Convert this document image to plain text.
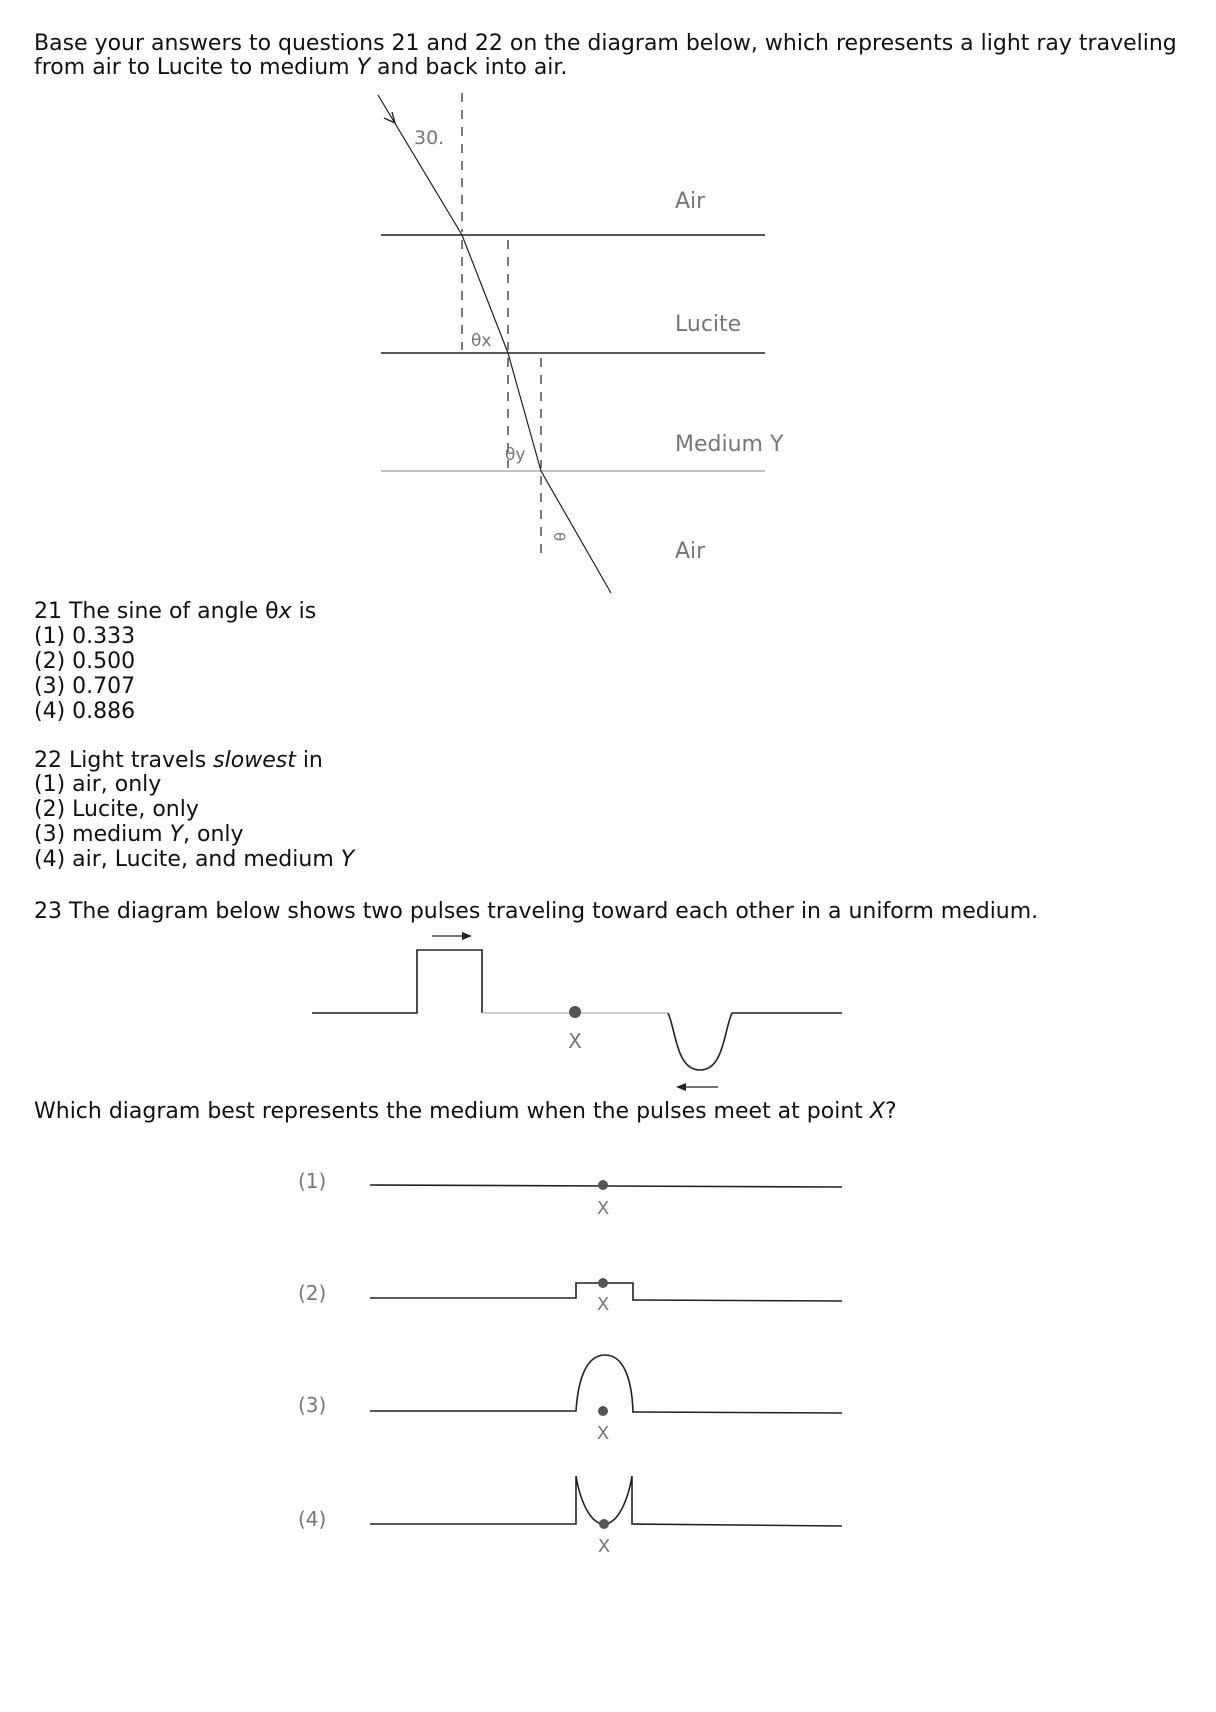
Base your answers to questions 21 and 22 on the diagram below, which represents a light ray traveling

from air to Lucite to medium Y and back into air.

30.
θx
θy
θ
Air
Lucite
Medium Y
Air

21 The sine of angle θx is

(1) 0.333

(2) 0.500

(3) 0.707

(4) 0.886

22 Light travels slowest in

(1) air, only

(2) Lucite, only

(3) medium Y, only

(4) air, Lucite, and medium Y

23 The diagram below shows two pulses traveling toward each other in a uniform medium.

X

Which diagram best represents the medium when the pulses meet at point X?

(1)
X
(2)	X
(3)
X
(4)
X
